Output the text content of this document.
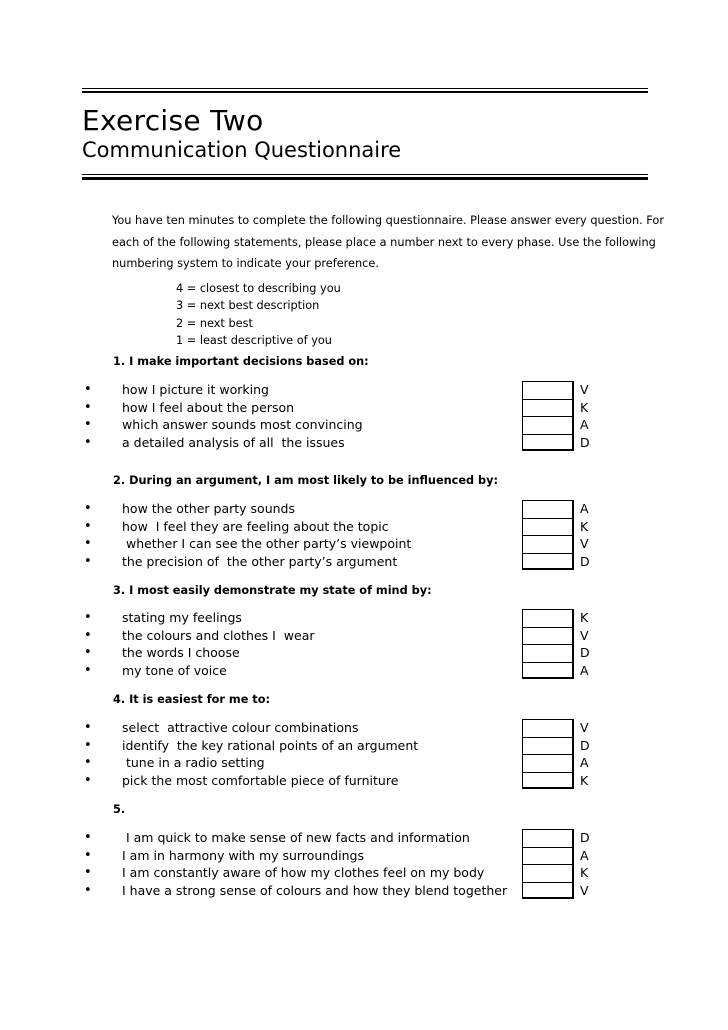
Exercise Two
Communication Questionnaire
You have ten minutes to complete the following questionnaire. Please answer every question. For
each of the following statements, please place a number next to every phase. Use the following
numbering system to indicate your preference.
4 = closest to describing you
3 = next best description
2 = next best
1 = least descriptive of you
1. I make important decisions based on:
•	how I picture it working	V
•	how I feel about the person	K
•	which answer sounds most convincing	A
•	a detailed analysis of all  the issues	D
2. During an argument, I am most likely to be influenced by:
•	how the other party sounds	A
•	how  I feel they are feeling about the topic	K
•	whether I can see the other party’s viewpoint	V
•	the precision of  the other party’s argument	D
3. I most easily demonstrate my state of mind by:
•	stating my feelings	K
•	the colours and clothes I  wear	V
•	the words I choose	D
•	my tone of voice	A
4. It is easiest for me to:
•	select  attractive colour combinations	V
•	identify  the key rational points of an argument	D
•	tune in a radio setting	A
•	pick the most comfortable piece of furniture	K
5.
•	I am quick to make sense of new facts and information	D
•	I am in harmony with my surroundings	A
•	I am constantly aware of how my clothes feel on my body	K
•	I have a strong sense of colours and how they blend together	V
